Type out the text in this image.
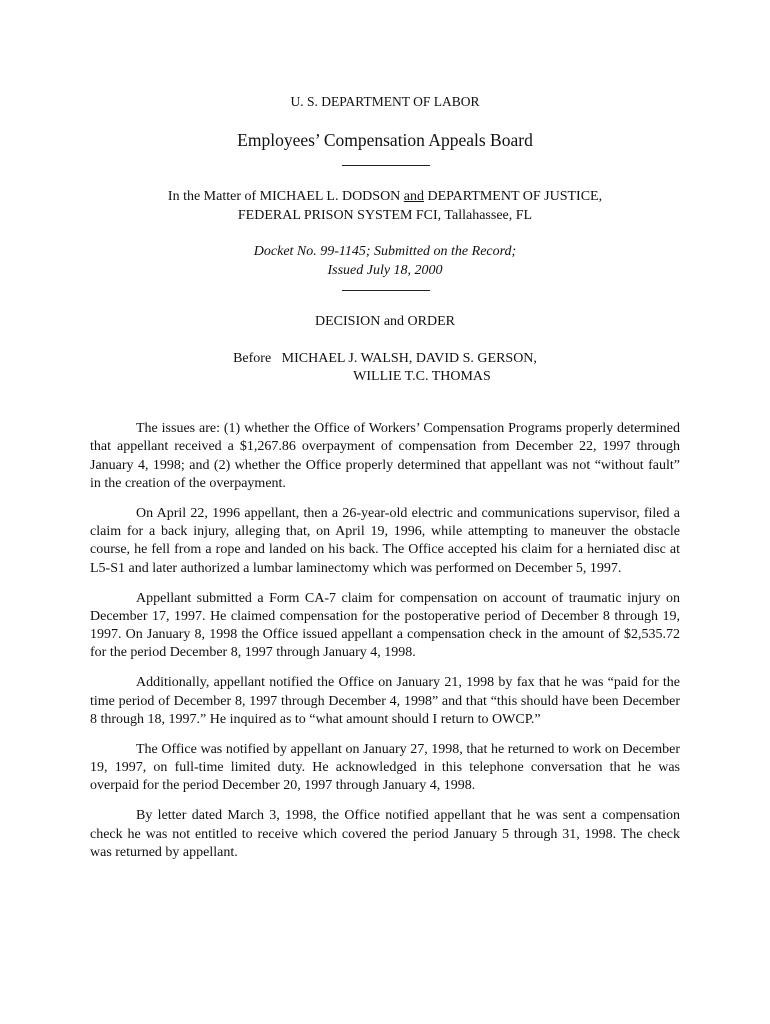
U. S. DEPARTMENT OF LABOR
Employees’ Compensation Appeals Board
In the Matter of MICHAEL L. DODSON and DEPARTMENT OF JUSTICE,
FEDERAL PRISON SYSTEM FCI, Tallahassee, FL
Docket No. 99-1145; Submitted on the Record;
Issued July 18, 2000
DECISION and ORDER
Before MICHAEL J. WALSH, DAVID S. GERSON,
WILLIE T.C. THOMAS

The issues are: (1) whether the Office of Workers’ Compensation Programs properly determined that appellant received a $1,267.86 overpayment of compensation from December 22, 1997 through January 4, 1998; and (2) whether the Office properly determined that appellant was not “without fault” in the creation of the overpayment.

On April 22, 1996 appellant, then a 26-year-old electric and communications supervisor, filed a claim for a back injury, alleging that, on April 19, 1996, while attempting to maneuver the obstacle course, he fell from a rope and landed on his back. The Office accepted his claim for a herniated disc at L5-S1 and later authorized a lumbar laminectomy which was performed on December 5, 1997.

Appellant submitted a Form CA-7 claim for compensation on account of traumatic injury on December 17, 1997. He claimed compensation for the postoperative period of December 8 through 19, 1997. On January 8, 1998 the Office issued appellant a compensation check in the amount of $2,535.72 for the period December 8, 1997 through January 4, 1998.

Additionally, appellant notified the Office on January 21, 1998 by fax that he was “paid for the time period of December 8, 1997 through December 4, 1998” and that “this should have been December 8 through 18, 1997.” He inquired as to “what amount should I return to OWCP.”

The Office was notified by appellant on January 27, 1998, that he returned to work on December 19, 1997, on full-time limited duty. He acknowledged in this telephone conversation that he was overpaid for the period December 20, 1997 through January 4, 1998.

By letter dated March 3, 1998, the Office notified appellant that he was sent a compensation check he was not entitled to receive which covered the period January 5 through 31, 1998. The check was returned by appellant.
